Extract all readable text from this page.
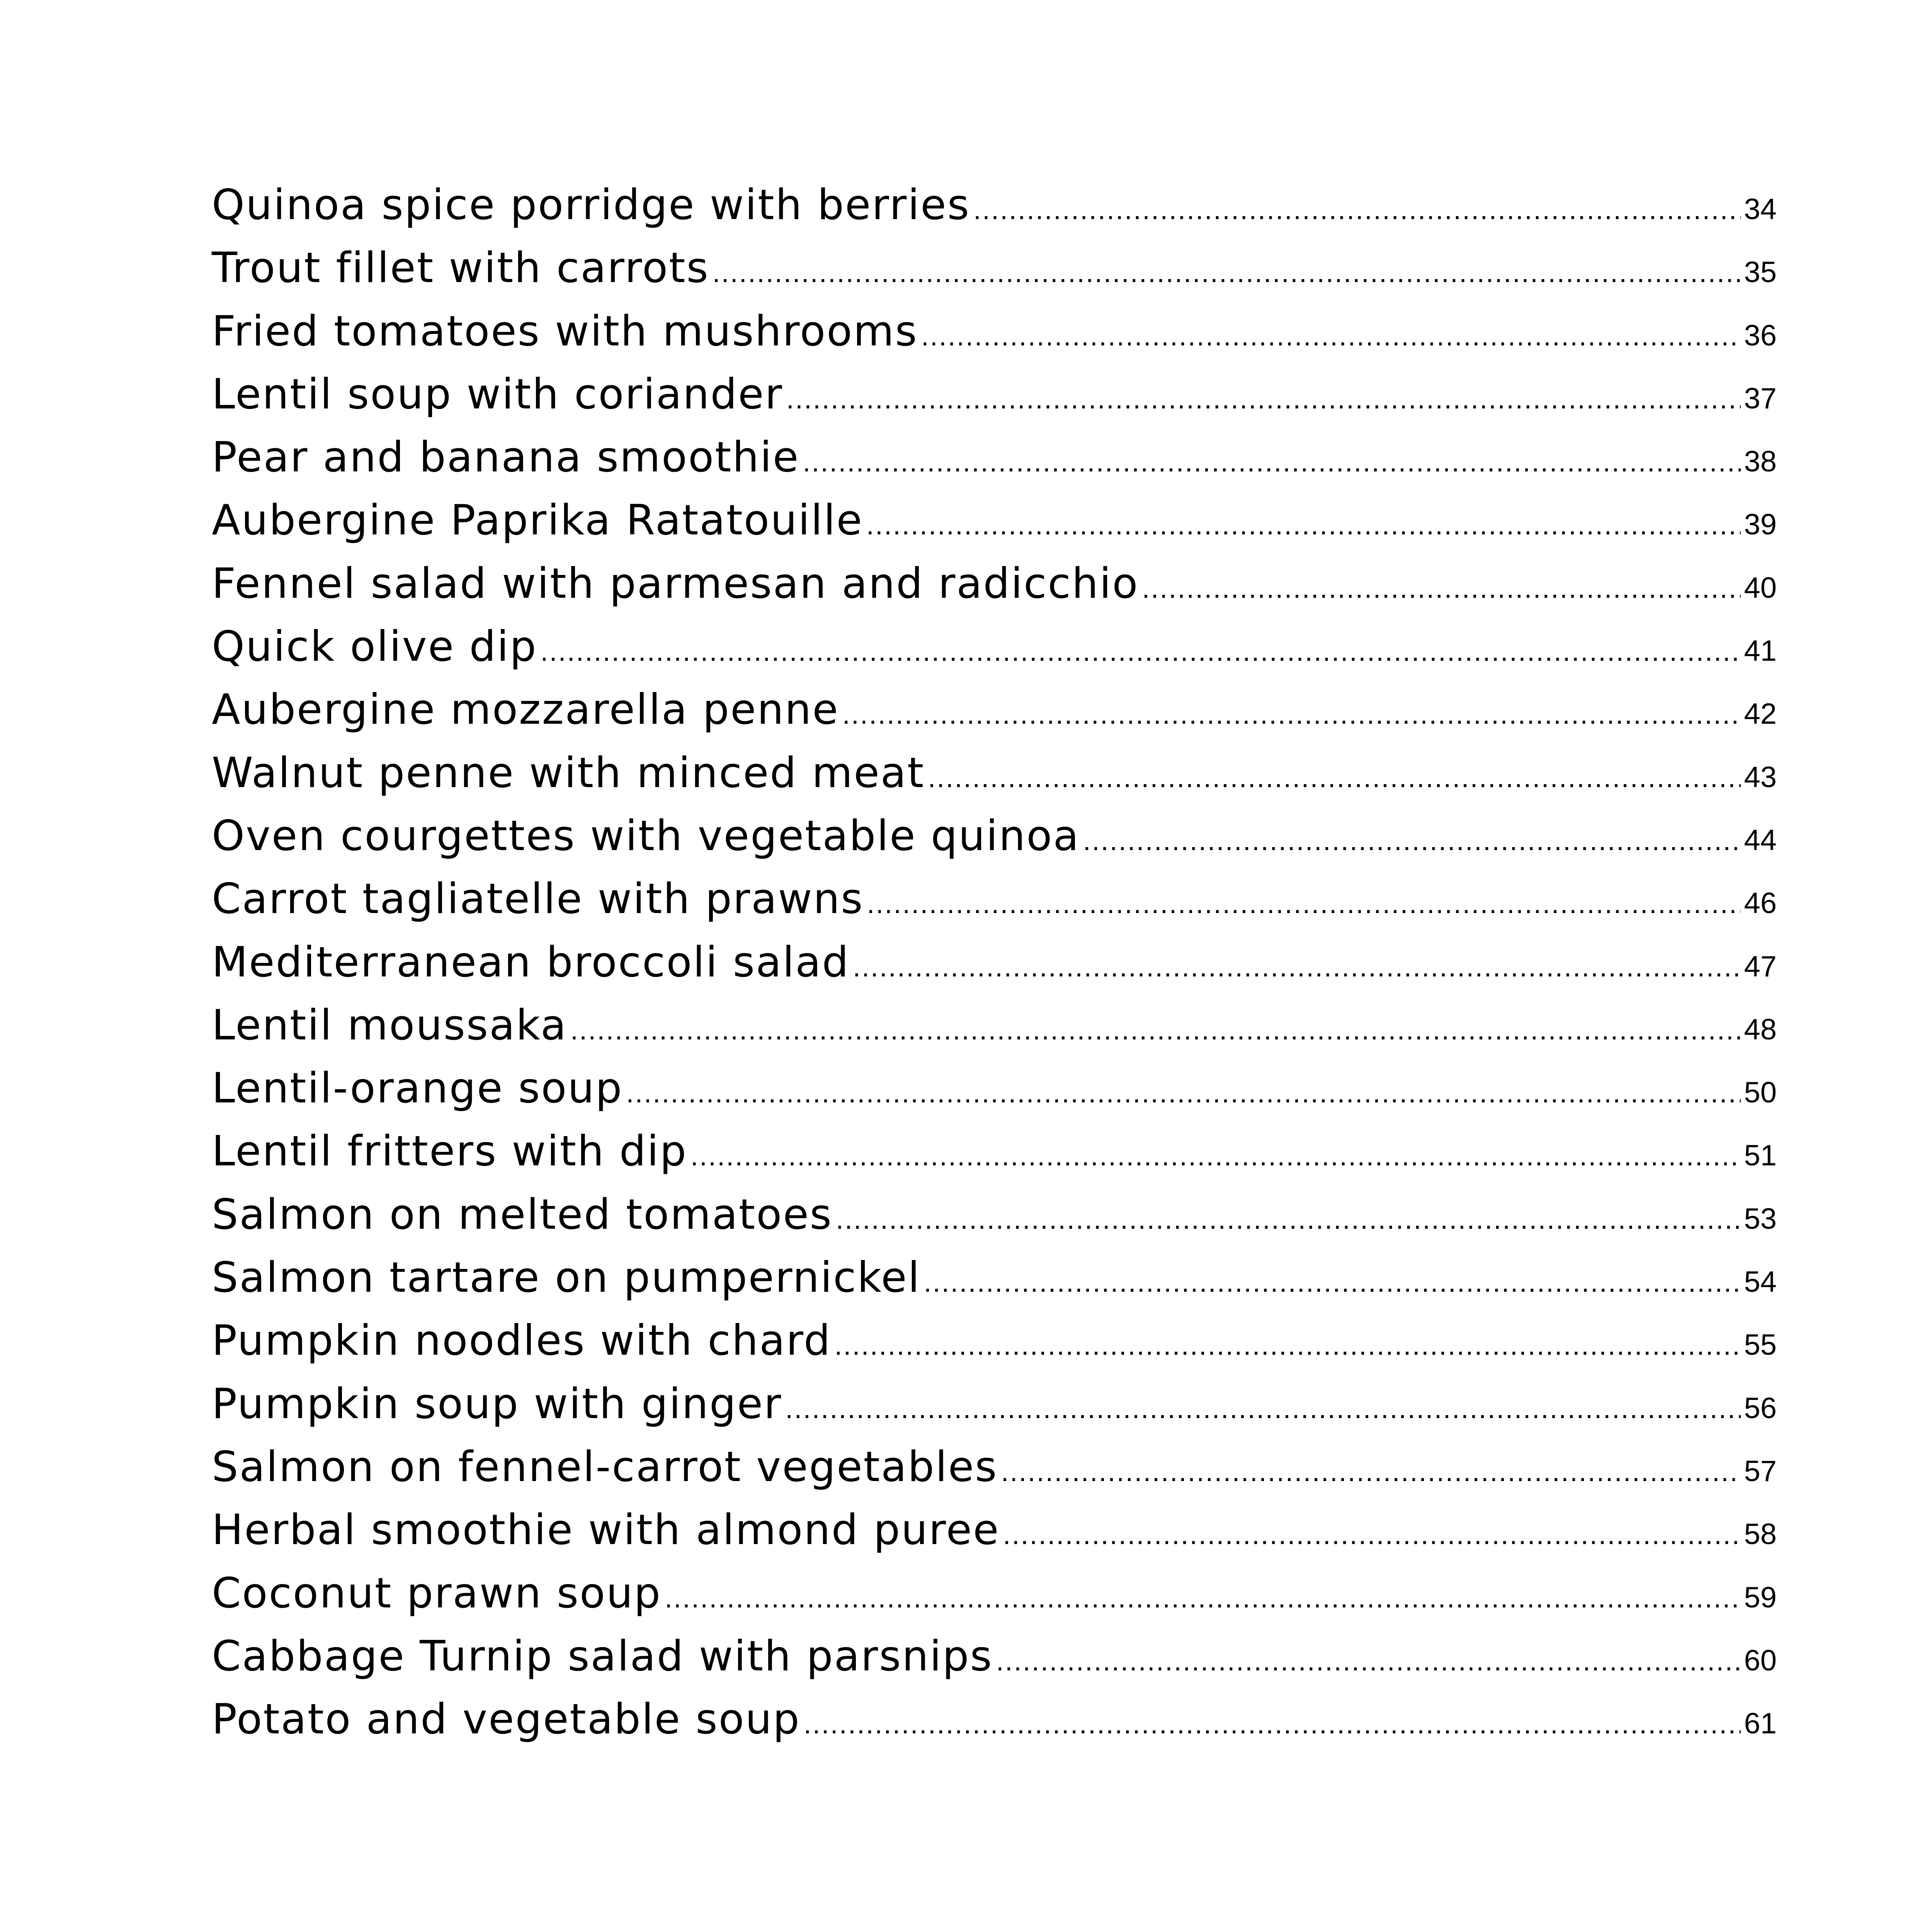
Quinoa spice porridge with berries .....	34
Trout fillet with carrots .....	35
Fried tomatoes with mushrooms .....	36
Lentil soup with coriander .....	37
Pear and banana smoothie .....	38
Aubergine Paprika Ratatouille .....	39
Fennel salad with parmesan and radicchio .....	40
Quick olive dip .....	41
Aubergine mozzarella penne .....	42
Walnut penne with minced meat .....	43
Oven courgettes with vegetable quinoa .....	44
Carrot tagliatelle with prawns .....	46
Mediterranean broccoli salad .....	47
Lentil moussaka .....	48
Lentil-orange soup .....	50
Lentil fritters with dip .....	51
Salmon on melted tomatoes .....	53
Salmon tartare on pumpernickel .....	54
Pumpkin noodles with chard .....	55
Pumpkin soup with ginger .....	56
Salmon on fennel-carrot vegetables .....	57
Herbal smoothie with almond puree .....	58
Coconut prawn soup .....	59
Cabbage Turnip salad with parsnips .....	60
Potato and vegetable soup .....	61
